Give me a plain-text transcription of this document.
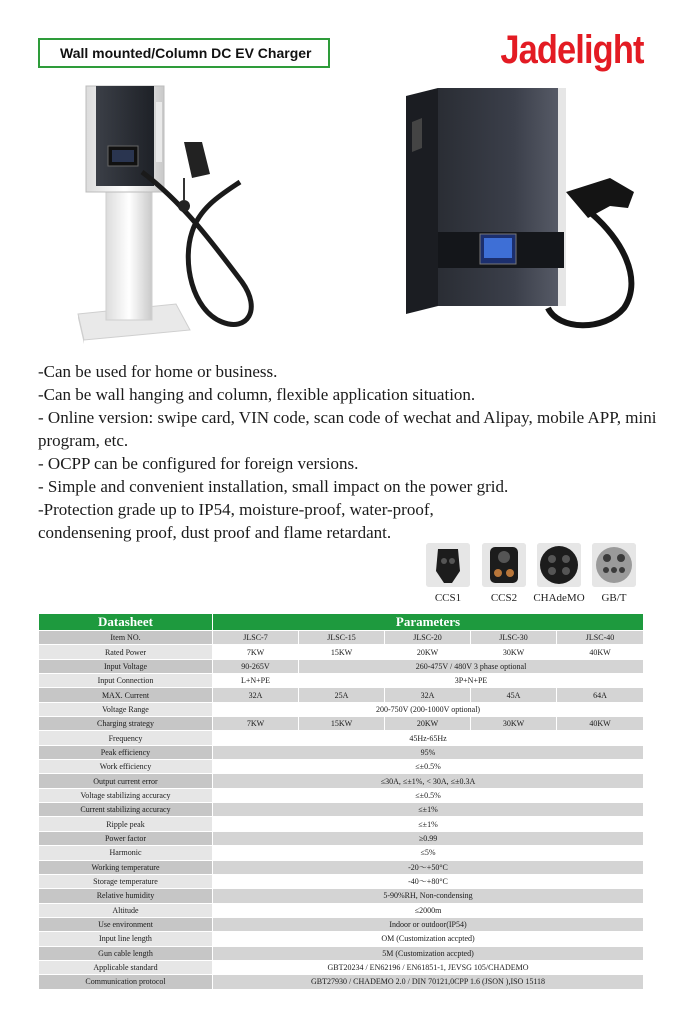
Wall mounted/Column DC EV Charger	Jadelight

-Can be used for home or business.

-Can be wall hanging and column, flexible application situation.

- Online version: swipe card, VIN code, scan code of wechat and Alipay, mobile APP, mini program, etc.

- OCPP can be configured for foreign versions.

- Simple and convenient installation, small impact on the power grid.

-Protection grade up to IP54, moisture-proof, water-proof,

condensening proof, dust proof and flame retardant.

CCS1	CCS2	CHAdeMO	GB/T
Datasheet	Parameters				
Item NO.	JLSC-7	JLSC-15	JLSC-20	JLSC-30	JLSC-40
Rated Power	7KW	15KW	20KW	30KW	40KW
Input Voltage	90-265V	260-475V / 480V 3 phase optional			
Input Connection	L+N+PE	3P+N+PE			
MAX. Current	32A	25A	32A	45A	64A
Voltage Range	200-750V (200-1000V optional)				
Charging strategy	7KW	15KW	20KW	30KW	40KW
Frequency	45Hz-65Hz				
Peak efficiency	95%				
Work efficiency	≤±0.5%				
Output current error	≤30A, ≤±1%, < 30A, ≤±0.3A				
Voltage stabilizing accuracy	≤±0.5%				
Current stabilizing accuracy	≤±1%				
Ripple peak	≤±1%				
Power factor	≥0.99				
Harmonic	≤5%				
Working temperature	-20～+50°C				
Storage temperature	-40～+80°C				
Relative humidity	5-90%RH, Non-condensing				
Altitude	≤2000m				
Use environment	Indoor or outdoor(IP54)				
Input line length	OM (Customization accpted)				
Gun cable length	5M (Customization accpted)				
Applicable standard	GBT20234 / EN62196 / EN61851-1, JEVSG 105/CHADEMO				
Communication protocol	GBT27930 / CHADEMO 2.0 / DIN 70121,0CPP 1.6 (JSON ),ISO 15118				
